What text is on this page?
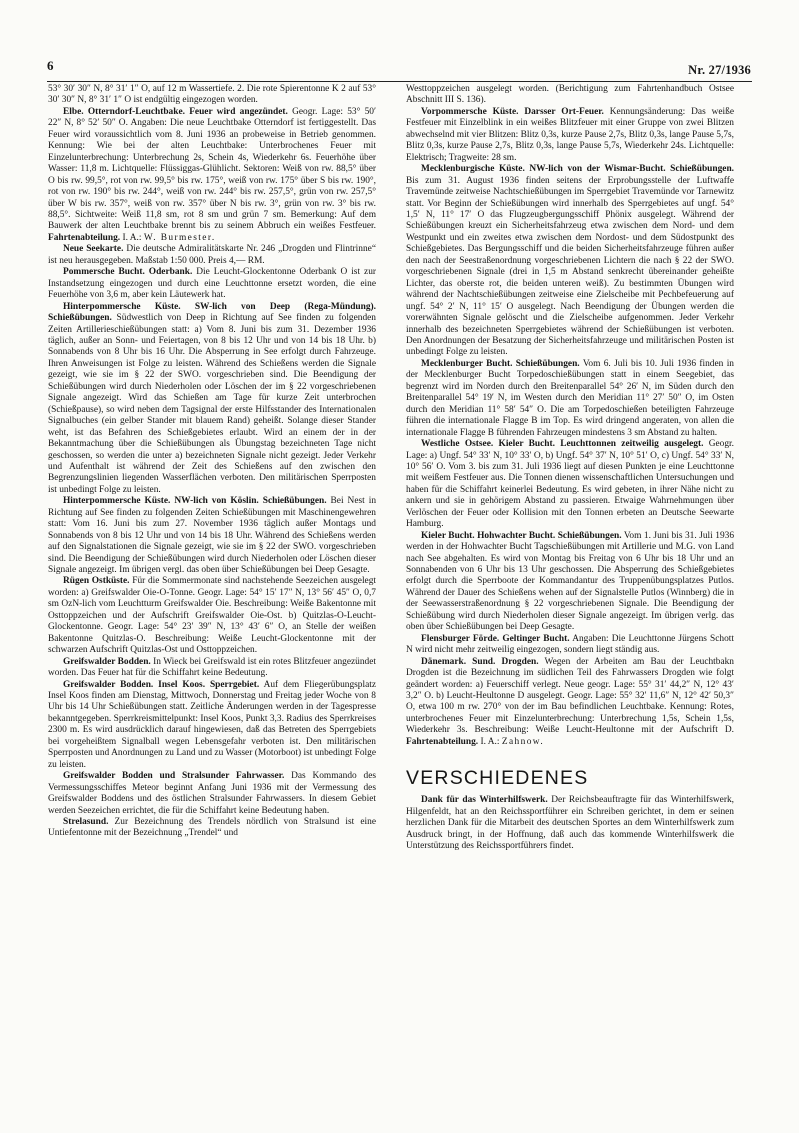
6	Nr. 27/1936

53° 30′ 30″ N, 8° 31′ 1″ O, auf 12 m Wassertiefe. 2. Die rote Spierentonne K 2 auf 53° 30′ 30″ N, 8° 31′ 1″ O ist endgültig eingezogen worden.

Elbe. Otterndorf-Leuchtbake. Feuer wird angezündet. Geogr. Lage: 53° 50′ 22″ N, 8° 52′ 50″ O. Angaben: Die neue Leuchtbake Otterndorf ist fertiggestellt. Das Feuer wird voraussichtlich vom 8. Juni 1936 an probeweise in Betrieb genommen. Kennung: Wie bei der alten Leuchtbake: Unterbrochenes Feuer mit Einzelunterbrechung: Unterbrechung 2s, Schein 4s, Wiederkehr 6s. Feuerhöhe über Wasser: 11,8 m. Lichtquelle: Flüssiggas-Glühlicht. Sektoren: Weiß von rw. 88,5° über O bis rw. 99,5°, rot von rw. 99,5° bis rw. 175°, weiß von rw. 175° über S bis rw. 190°, rot von rw. 190° bis rw. 244°, weiß von rw. 244° bis rw. 257,5°, grün von rw. 257,5° über W bis rw. 357°, weiß von rw. 357° über N bis rw. 3°, grün von rw. 3° bis rw. 88,5°. Sichtweite: Weiß 11,8 sm, rot 8 sm und grün 7 sm. Bemerkung: Auf dem Bauwerk der alten Leuchtbake brennt bis zu seinem Abbruch ein weißes Festfeuer. Fahrtenabteilung. I. A.: W. Burmester.

Neue Seekarte. Die deutsche Admiralitätskarte Nr. 246 „Drogden und Flintrinne“ ist neu herausgegeben. Maßstab 1:50 000. Preis 4,— RM.

Pommersche Bucht. Oderbank. Die Leucht-Glockentonne Oderbank O ist zur Instandsetzung eingezogen und durch eine Leuchttonne ersetzt worden, die eine Feuerhöhe von 3,6 m, aber kein Läutewerk hat.

Hinterpommersche Küste. SW-lich von Deep (Rega-Mündung). Schießübungen. Südwestlich von Deep in Richtung auf See finden zu folgenden Zeiten Artillerieschießübungen statt: a) Vom 8. Juni bis zum 31. Dezember 1936 täglich, außer an Sonn- und Feiertagen, von 8 bis 12 Uhr und von 14 bis 18 Uhr. b) Sonnabends von 8 Uhr bis 16 Uhr. Die Absperrung in See erfolgt durch Fahrzeuge. Ihren Anweisungen ist Folge zu leisten. Während des Schießens werden die Signale gezeigt, wie sie im § 22 der SWO. vorgeschrieben sind. Die Beendigung der Schießübungen wird durch Niederholen oder Löschen der im § 22 vorgeschriebenen Signale angezeigt. Wird das Schießen am Tage für kurze Zeit unterbrochen (Schießpause), so wird neben dem Tagsignal der erste Hilfsstander des Internationalen Signalbuches (ein gelber Stander mit blauem Rand) geheißt. Solange dieser Stander weht, ist das Befahren des Schießgebietes erlaubt. Wird an einem der in der Bekanntmachung über die Schießübungen als Übungstag bezeichneten Tage nicht geschossen, so werden die unter a) bezeichneten Signale nicht gezeigt. Jeder Verkehr und Aufenthalt ist während der Zeit des Schießens auf den zwischen den Begrenzungslinien liegenden Wasserflächen verboten. Den militärischen Sperrposten ist unbedingt Folge zu leisten.

Hinterpommersche Küste. NW-lich von Köslin. Schießübungen. Bei Nest in Richtung auf See finden zu folgenden Zeiten Schießübungen mit Maschinengewehren statt: Vom 16. Juni bis zum 27. November 1936 täglich außer Montags und Sonnabends von 8 bis 12 Uhr und von 14 bis 18 Uhr. Während des Schießens werden auf den Signalstationen die Signale gezeigt, wie sie im § 22 der SWO. vorgeschrieben sind. Die Beendigung der Schießübungen wird durch Niederholen oder Löschen dieser Signale angezeigt. Im übrigen vergl. das oben über Schießübungen bei Deep Gesagte.

Rügen Ostküste. Für die Sommermonate sind nachstehende Seezeichen ausgelegt worden: a) Greifswalder Oie-O-Tonne. Geogr. Lage: 54° 15′ 17″ N, 13° 56′ 45″ O, 0,7 sm OzN-lich vom Leuchtturm Greifswalder Oie. Beschreibung: Weiße Bakentonne mit Osttoppzeichen und der Aufschrift Greifswalder Oie-Ost. b) Quitzlas-O-Leucht-Glockentonne. Geogr. Lage: 54° 23′ 39″ N, 13° 43′ 6″ O, an Stelle der weißen Bakentonne Quitzlas-O. Beschreibung: Weiße Leucht-Glockentonne mit der schwarzen Aufschrift Quitzlas-Ost und Osttoppzeichen.

Greifswalder Bodden. In Wieck bei Greifswald ist ein rotes Blitzfeuer angezündet worden. Das Feuer hat für die Schiffahrt keine Bedeutung.

Greifswalder Bodden. Insel Koos. Sperrgebiet. Auf dem Fliegerübungsplatz Insel Koos finden am Dienstag, Mittwoch, Donnerstag und Freitag jeder Woche von 8 Uhr bis 14 Uhr Schießübungen statt. Zeitliche Änderungen werden in der Tagespresse bekanntgegeben. Sperrkreismittelpunkt: Insel Koos, Punkt 3,3. Radius des Sperrkreises 2300 m. Es wird ausdrücklich darauf hingewiesen, daß das Betreten des Sperrgebiets bei vorgeheißtem Signalball wegen Lebensgefahr verboten ist. Den militärischen Sperrposten und Anordnungen zu Land und zu Wasser (Motorboot) ist unbedingt Folge zu leisten.

Greifswalder Bodden und Stralsunder Fahrwasser. Das Kommando des Vermessungsschiffes Meteor beginnt Anfang Juni 1936 mit der Vermessung des Greifswalder Boddens und des östlichen Stralsunder Fahrwassers. In diesem Gebiet werden Seezeichen errichtet, die für die Schiffahrt keine Bedeutung haben.

Strelasund. Zur Bezeichnung des Trendels nördlich von Stralsund ist eine Untiefentonne mit der Bezeichnung „Trendel“ und

Westtoppzeichen ausgelegt worden. (Berichtigung zum Fahrtenhandbuch Ostsee Abschnitt III S. 136).

Vorpommersche Küste. Darsser Ort-Feuer. Kennungsänderung: Das weiße Festfeuer mit Einzelblink in ein weißes Blitzfeuer mit einer Gruppe von zwei Blitzen abwechselnd mit vier Blitzen: Blitz 0,3s, kurze Pause 2,7s, Blitz 0,3s, lange Pause 5,7s, Blitz 0,3s, kurze Pause 2,7s, Blitz 0,3s, lange Pause 5,7s, Wiederkehr 24s. Lichtquelle: Elektrisch; Tragweite: 28 sm.

Mecklenburgische Küste. NW-lich von der Wismar-Bucht. Schießübungen. Bis zum 31. August 1936 finden seitens der Erprobungsstelle der Luftwaffe Travemünde zeitweise Nachtschießübungen im Sperrgebiet Travemünde vor Tarnewitz statt. Vor Beginn der Schießübungen wird innerhalb des Sperrgebietes auf ungf. 54° 1,5′ N, 11° 17′ O das Flugzeugbergungsschiff Phönix ausgelegt. Während der Schießübungen kreuzt ein Sicherheitsfahrzeug etwa zwischen dem Nord- und dem Westpunkt und ein zweites etwa zwischen dem Nordost- und dem Südostpunkt des Schießgebietes. Das Bergungsschiff und die beiden Sicherheitsfahrzeuge führen außer den nach der Seestraßenordnung vorgeschriebenen Lichtern die nach § 22 der SWO. vorgeschriebenen Signale (drei in 1,5 m Abstand senkrecht übereinander geheißte Lichter, das oberste rot, die beiden unteren weiß). Zu bestimmten Übungen wird während der Nachtschießübungen zeitweise eine Zielscheibe mit Pechbefeuerung auf ungf. 54° 2′ N, 11° 15′ O ausgelegt. Nach Beendigung der Übungen werden die vorerwähnten Signale gelöscht und die Zielscheibe aufgenommen. Jeder Verkehr innerhalb des bezeichneten Sperrgebietes während der Schießübungen ist verboten. Den Anordnungen der Besatzung der Sicherheitsfahrzeuge und militärischen Posten ist unbedingt Folge zu leisten.

Mecklenburger Bucht. Schießübungen. Vom 6. Juli bis 10. Juli 1936 finden in der Mecklenburger Bucht Torpedoschießübungen statt in einem Seegebiet, das begrenzt wird im Norden durch den Breitenparallel 54° 26′ N, im Süden durch den Breitenparallel 54° 19′ N, im Westen durch den Meridian 11° 27′ 50″ O, im Osten durch den Meridian 11° 58′ 54″ O. Die am Torpedoschießen beteiligten Fahrzeuge führen die internationale Flagge B im Top. Es wird dringend angeraten, von allen die internationale Flagge B führenden Fahrzeugen mindestens 3 sm Abstand zu halten.

Westliche Ostsee. Kieler Bucht. Leuchttonnen zeitweilig ausgelegt. Geogr. Lage: a) Ungf. 54° 33′ N, 10° 33′ O, b) Ungf. 54° 37′ N, 10° 51′ O, c) Ungf. 54° 33′ N, 10° 56′ O. Vom 3. bis zum 31. Juli 1936 liegt auf diesen Punkten je eine Leuchttonne mit weißem Festfeuer aus. Die Tonnen dienen wissenschaftlichen Untersuchungen und haben für die Schiffahrt keinerlei Bedeutung. Es wird gebeten, in ihrer Nähe nicht zu ankern und sie in gehörigem Abstand zu passieren. Etwaige Wahrnehmungen über Verlöschen der Feuer oder Kollision mit den Tonnen erbeten an Deutsche Seewarte Hamburg.

Kieler Bucht. Hohwachter Bucht. Schießübungen. Vom 1. Juni bis 31. Juli 1936 werden in der Hohwachter Bucht Tagschießübungen mit Artillerie und M.G. von Land nach See abgehalten. Es wird von Montag bis Freitag von 6 Uhr bis 18 Uhr und an Sonnabenden von 6 Uhr bis 13 Uhr geschossen. Die Absperrung des Schießgebietes erfolgt durch die Sperrboote der Kommandantur des Truppenübungsplatzes Putlos. Während der Dauer des Schießens wehen auf der Signalstelle Putlos (Winnberg) die in der Seewasserstraßenordnung § 22 vorgeschriebenen Signale. Die Beendigung der Schießübung wird durch Niederholen dieser Signale angezeigt. Im übrigen verlg. das oben über Schießübungen bei Deep Gesagte.

Flensburger Förde. Geltinger Bucht. Angaben: Die Leuchttonne Jürgens Schott N wird nicht mehr zeitweilig eingezogen, sondern liegt ständig aus.

Dänemark. Sund. Drogden. Wegen der Arbeiten am Bau der Leuchtbakn Drogden ist die Bezeichnung im südlichen Teil des Fahrwassers Drogden wie folgt geändert worden: a) Feuerschiff verlegt. Neue geogr. Lage: 55° 31′ 44,2″ N, 12° 43′ 3,2″ O. b) Leucht-Heultonne D ausgelegt. Geogr. Lage: 55° 32′ 11,6″ N, 12° 42′ 50,3″ O, etwa 100 m rw. 270° von der im Bau befindlichen Leuchtbake. Kennung: Rotes, unterbrochenes Feuer mit Einzelunterbrechung: Unterbrechung 1,5s, Schein 1,5s, Wiederkehr 3s. Beschreibung: Weiße Leucht-Heultonne mit der Aufschrift D. Fahrtenabteilung. I. A.: Zahnow.

VERSCHIEDENES

Dank für das Winterhilfswerk. Der Reichsbeauftragte für das Winterhilfswerk, Hilgenfeldt, hat an den Reichssportführer ein Schreiben gerichtet, in dem er seinen herzlichen Dank für die Mitarbeit des deutschen Sportes an dem Winterhilfswerk zum Ausdruck bringt, in der Hoffnung, daß auch das kommende Winterhilfswerk die Unterstützung des Reichssportführers findet.
